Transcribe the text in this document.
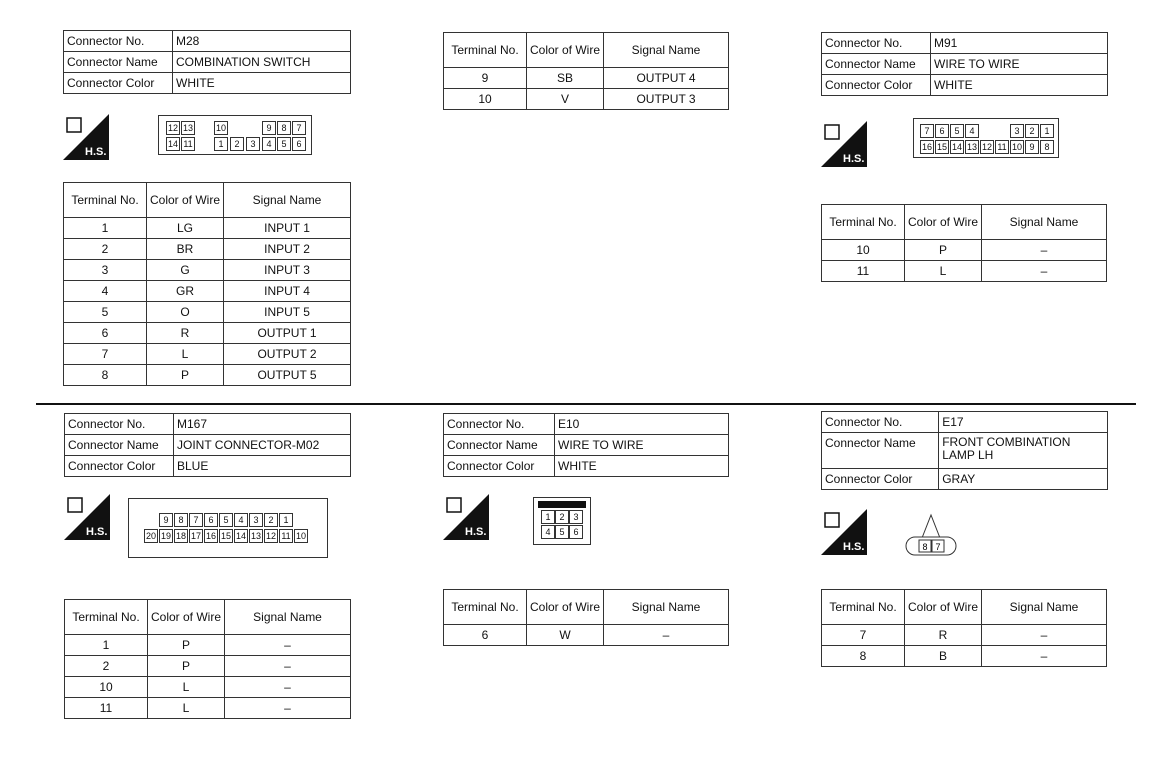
Connector No.	M28
Connector Name	COMBINATION SWITCH
Connector Color	WHITE
H.S.
12 13	10	9	8	7
14 11	1	2	3	4	5	6
Terminal No.	Color of Wire	Signal Name
1	LG	INPUT 1
2	BR	INPUT 2
3	G	INPUT 3
4	GR	INPUT 4
5	O	INPUT 5
6	R	OUTPUT 1
7	L	OUTPUT 2
8	P	OUTPUT 5
Terminal No.	Color of Wire	Signal Name
9	SB	OUTPUT 4
10	V	OUTPUT 3
Connector No.	M91
Connector Name	WIRE TO WIRE
Connector Color	WHITE
H.S.
7	6	5	4	3	2	1
16 15 14 13 12 11 10 9	8
Terminal No.	Color of Wire	Signal Name
10	P	–
11	L	–
Connector No.	M167
Connector Name	JOINT CONNECTOR-M02
Connector Color	BLUE
H.S.
9	8	7	6	5	4	3	2	1
20 19 18 17 16 15 14 13 12 11 10
Terminal No.	Color of Wire	Signal Name
1	P	–
2	P	–
10	L	–
11	L	–
Connector No.	E10
Connector Name	WIRE TO WIRE
Connector Color	WHITE
H.S.
1 2 3
4 5 6
Terminal No.	Color of Wire	Signal Name
6	W	–
Connector No.	E17
Connector Name	FRONT COMBINATION LAMP LH
Connector Color	GRAY
H.S.	8 7
Terminal No.	Color of Wire	Signal Name
7	R	–
8	B	–
